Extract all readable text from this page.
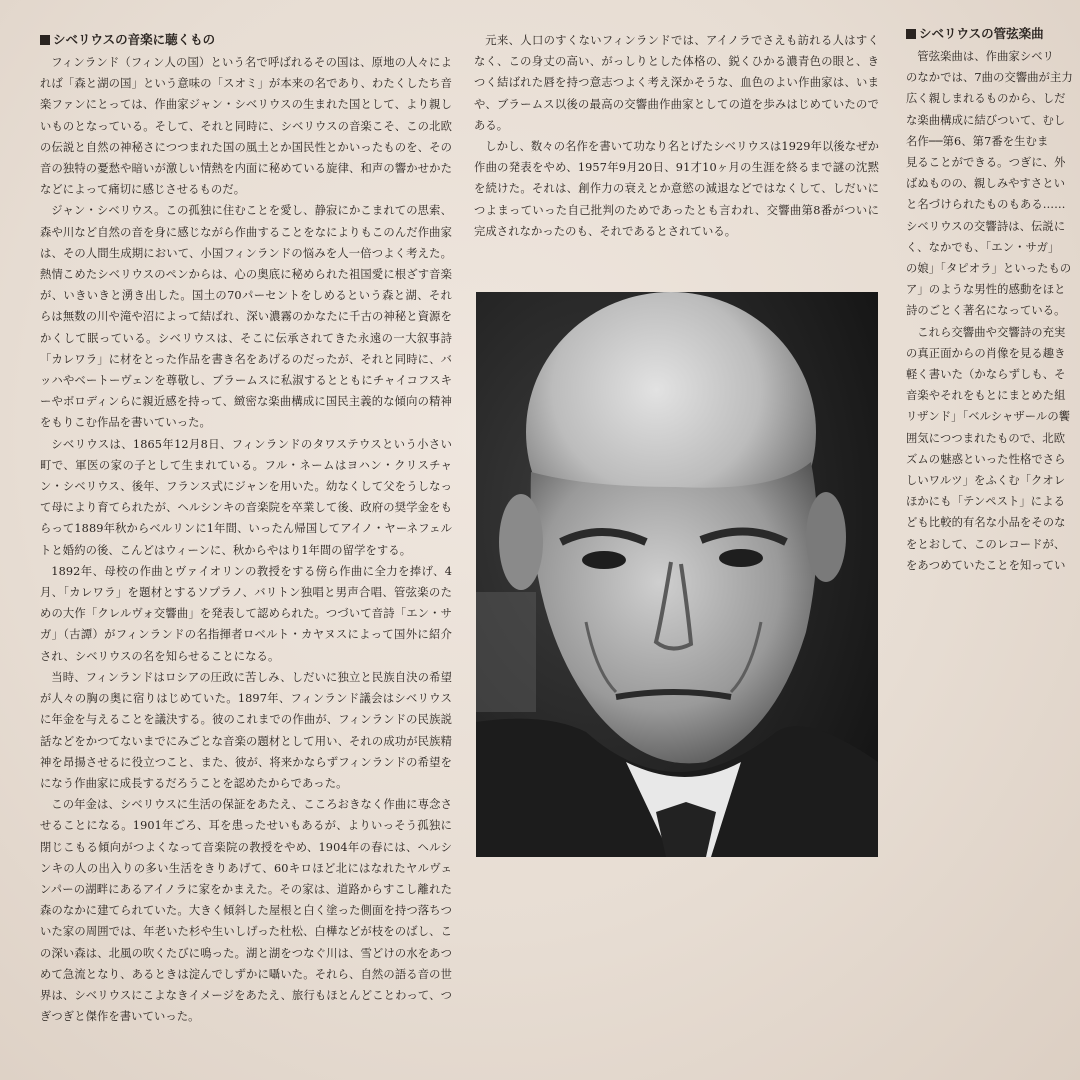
シベリウスの音楽に聴くもの

フィンランド（フィン人の国）という名で呼ばれるその国は、原地の人々によれば「森と湖の国」という意味の「スオミ」が本来の名であり、わたくしたち音楽ファンにとっては、作曲家ジャン・シベリウスの生まれた国として、より親しいものとなっている。そして、それと同時に、シベリウスの音楽こそ、この北欧の伝説と自然の神秘さにつつまれた国の風土とか国民性とかいったものを、その音の独特の憂愁や暗いが激しい情熱を内面に秘めている旋律、和声の響かせかたなどによって痛切に感じさせるものだ。

ジャン・シベリウス。この孤独に住むことを愛し、静寂にかこまれての思索、森や川など自然の音を身に感じながら作曲することをなによりもこのんだ作曲家は、その人間生成期において、小国フィンランドの悩みを人一倍つよく考えた。熱情こめたシベリウスのペンからは、心の奥底に秘められた祖国愛に根ざす音楽が、いきいきと湧き出した。国土の70パーセントをしめるという森と湖、それらは無数の川や滝や沼によって結ばれ、深い濃霧のかなたに千古の神秘と資源をかくして眠っている。シベリウスは、そこに伝承されてきた永遠の一大叙事詩「カレワラ」に材をとった作品を書き名をあげるのだったが、それと同時に、バッハやベートーヴェンを尊敬し、ブラームスに私淑するとともにチャイコフスキーやボロディンらに親近感を持って、緻密な楽曲構成に国民主義的な傾向の精神をもりこむ作品を書いていった。

シベリウスは、1865年12月8日、フィンランドのタワステウスという小さい町で、軍医の家の子として生まれている。フル・ネームはヨハン・クリスチャン・シベリウス、後年、フランス式にジャンを用いた。幼なくして父をうしなって母により育てられたが、ヘルシンキの音楽院を卒業して後、政府の奨学金をもらって1889年秋からベルリンに1年間、いったん帰国してアイノ・ヤーネフェルトと婚約の後、こんどはウィーンに、秋からやはり1年間の留学をする。

1892年、母校の作曲とヴァイオリンの教授をする傍ら作曲に全力を捧げ、4月、「カレワラ」を題材とするソプラノ、バリトン独唱と男声合唱、管弦楽のための大作「クレルヴォ交響曲」を発表して認められた。つづいて音詩「エン・サガ」（古譚）がフィンランドの名指揮者ロベルト・カヤヌスによって国外に紹介され、シベリウスの名を知らせることになる。

当時、フィンランドはロシアの圧政に苦しみ、しだいに独立と民族自決の希望が人々の胸の奥に宿りはじめていた。1897年、フィンランド議会はシベリウスに年金を与えることを議決する。彼のこれまでの作曲が、フィンランドの民族説話などをかつてないまでにみごとな音楽の題材として用い、それの成功が民族精神を昂揚させるに役立つこと、また、彼が、将来かならずフィンランドの希望をになう作曲家に成長するだろうことを認めたからであった。

この年金は、シベリウスに生活の保証をあたえ、こころおきなく作曲に専念させることになる。1901年ごろ、耳を患ったせいもあるが、よりいっそう孤独に閉じこもる傾向がつよくなって音楽院の教授をやめ、1904年の春には、ヘルシンキの人の出入りの多い生活をきりあげて、60キロほど北にはなれたヤルヴェンパーの湖畔にあるアイノラに家をかまえた。その家は、道路からすこし離れた森のなかに建てられていた。大きく傾斜した屋根と白く塗った側面を持つ落ちついた家の周囲では、年老いた杉や生いしげった杜松、白樺などが枝をのばし、この深い森は、北風の吹くたびに鳴った。湖と湖をつなぐ川は、雪どけの水をあつめて急流となり、あるときは淀んでしずかに囁いた。それら、自然の語る音の世界は、シベリウスにこよなきイメージをあたえ、旅行もほとんどことわって、つぎつぎと傑作を書いていった。

元来、人口のすくないフィンランドでは、アイノラでさえも訪れる人はすくなく、この身丈の高い、がっしりとした体格の、鋭くひかる濃青色の眼と、きつく結ばれた唇を持つ意志つよく考え深かそうな、血色のよい作曲家は、いまや、ブラームス以後の最高の交響曲作曲家としての道を歩みはじめていたのである。

しかし、数々の名作を書いて功なり名とげたシベリウスは1929年以後なぜか作曲の発表をやめ、1957年9月20日、91才10ヶ月の生涯を終るまで謎の沈黙を続けた。それは、創作力の衰えとか意慾の減退などではなくして、しだいにつよまっていった自己批判のためであったとも言われ、交響曲第8番がついに完成されなかったのも、それであるとされている。

シベリウスの管弦楽曲

管弦楽曲は、作曲家シベリ

のなかでは、7曲の交響曲が主力

広く親しまれるものから、しだ

な楽曲構成に結びついて、むし

名作──第6、第7番を生むま

見ることができる。つぎに、外

ばぬものの、親しみやすさとい

と名づけられたものもある……

シベリウスの交響詩は、伝説に

く、なかでも、「エン・サガ」

の娘」「タピオラ」といったもの

ア」のような男性的感動をほと

詩のごとく著名になっている。

これら交響曲や交響詩の充実

の真正面からの肖像を見る趣き

軽く書いた（かならずしも、そ

音楽やそれをもとにまとめた組

リザンド」「ベルシャザールの饗

囲気につつまれたもので、北欧

ズムの魅惑といった性格でさら

しいワルツ」をふくむ「クオレ

ほかにも「テンペスト」による

ども比較的有名な小品をそのな

をとおして、このレコードが、

をあつめていたことを知ってい
